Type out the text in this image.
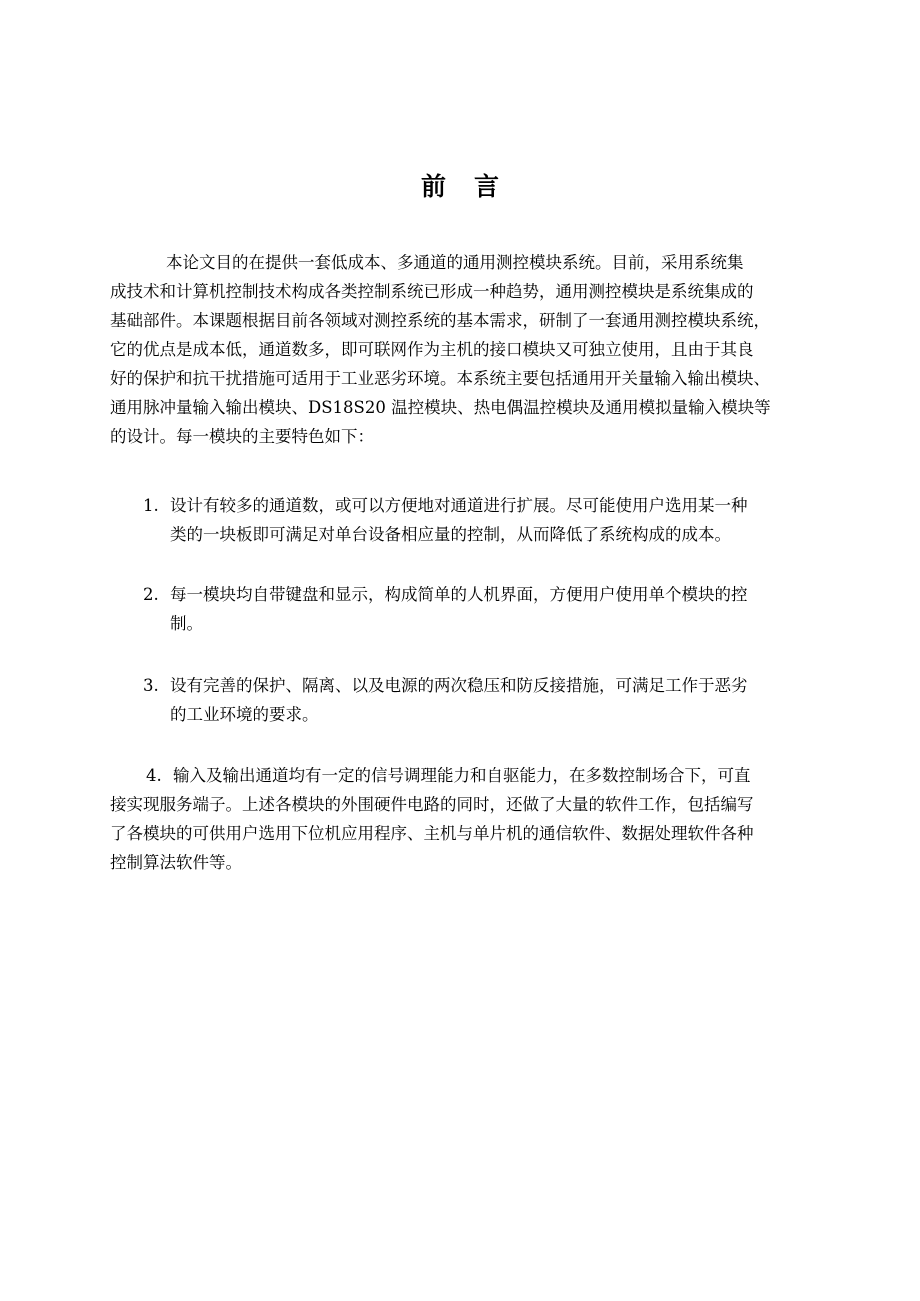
前言
本论文目的在提供一套低成本、多通道的通用测控模块系统。目前，采用系统集
成技术和计算机控制技术构成各类控制系统已形成一种趋势，通用测控模块是系统集成的
基础部件。本课题根据目前各领域对测控系统的基本需求，研制了一套通用测控模块系统，
它的优点是成本低，通道数多，即可联网作为主机的接口模块又可独立使用，且由于其良
好的保护和抗干扰措施可适用于工业恶劣环境。本系统主要包括通用开关量输入输出模块、
通用脉冲量输入输出模块、DS18S20 温控模块、热电偶温控模块及通用模拟量输入模块等
的设计。每一模块的主要特色如下：
1. 设计有较多的通道数，或可以方便地对通道进行扩展。尽可能使用户选用某一种
类的一块板即可满足对单台设备相应量的控制，从而降低了系统构成的成本。
2. 每一模块均自带键盘和显示，构成简单的人机界面，方便用户使用单个模块的控
制。
3. 设有完善的保护、隔离、以及电源的两次稳压和防反接措施，可满足工作于恶劣
的工业环境的要求。
4. 输入及输出通道均有一定的信号调理能力和自驱能力，在多数控制场合下，可直
接实现服务端子。上述各模块的外围硬件电路的同时，还做了大量的软件工作，包括编写
了各模块的可供用户选用下位机应用程序、主机与单片机的通信软件、数据处理软件各种
控制算法软件等。
